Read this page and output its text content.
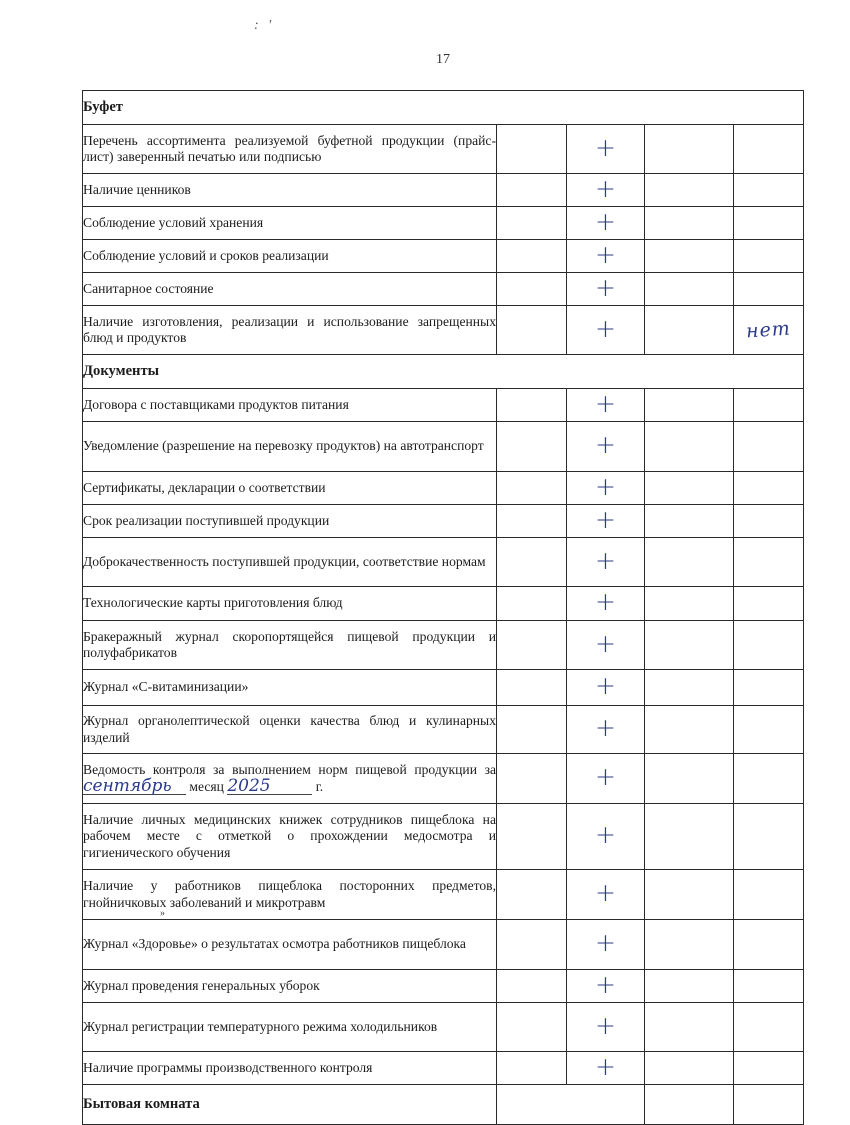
: '
17
Буфет				
Перечень ассортимента реализуемой буфетной продукции (прайс-лист) заверенный печатью или подписью		+		
Наличие ценников		+		
Соблюдение условий хранения		+		
Соблюдение условий и сроков реализации		+		
Санитарное состояние		+		
Наличие изготовления, реализации и использование запрещенных блюд и продуктов		+		нет
Документы				
Договора с поставщиками продуктов питания		+		
Уведомление (разрешение на перевозку продуктов) на автотранспорт		+		
Сертификаты, декларации о соответствии		+		
Срок реализации поступившей продукции		+		
Доброкачественность поступившей продукции, соответствие нормам		+		
Технологические карты приготовления блюд		+		
Бракеражный журнал скоропортящейся пищевой продукции и полуфабрикатов		+		
Журнал «С-витаминизации»		+		
Журнал органолептической оценки качества блюд и кулинарных изделий		+		
Ведомость контроля за выполнением норм пищевой продукции за сентябрь месяц 2025 г.		+		
Наличие личных медицинских книжек сотрудников пищеблока на рабочем месте с отметкой о прохождении медосмотра и гигиенического обучения		+		
Наличие у работников пищеблока посторонних предметов, гнойничковых заболеваний и микротравм		+		
Журнал «Здоровье» о результатах осмотра работников пищеблока		+		
Журнал проведения генеральных уборок		+		
Журнал регистрации температурного режима холодильников		+		
Наличие программы производственного контроля		+		
Бытовая комната				
»
